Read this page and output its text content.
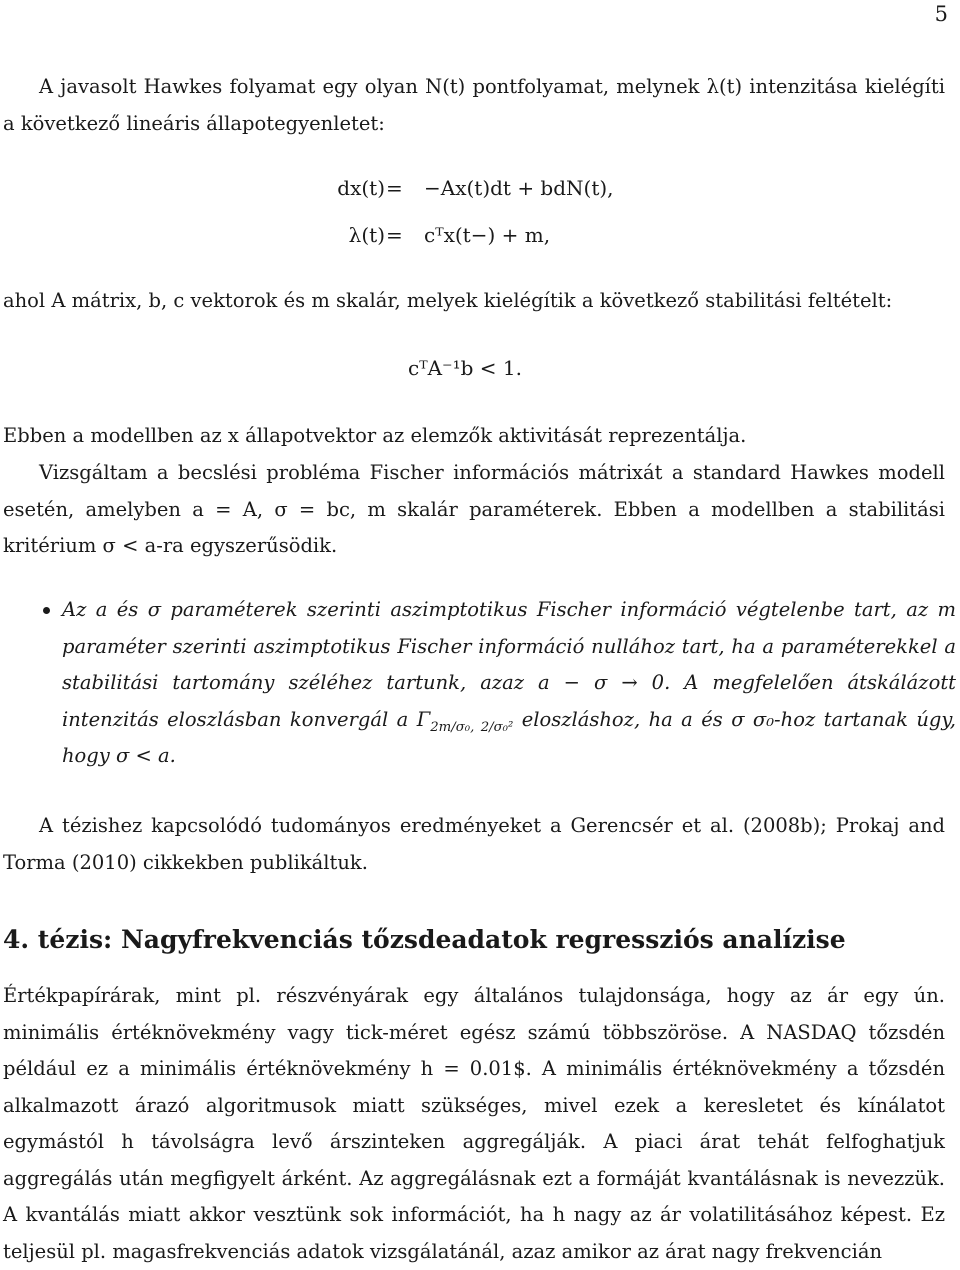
5
A javasolt Hawkes folyamat egy olyan N(t) pontfolyamat, melynek λ(t) intenzitása kielégíti a következő lineáris állapotegyenletet:
dx(t) = −Ax(t)dt + bdN(t),
λ(t) = cᵀx(t−) + m,
ahol A mátrix, b, c vektorok és m skalár, melyek kielégítik a következő stabilitási feltételt:
cᵀA⁻¹b < 1.
Ebben a modellben az x állapotvektor az elemzők aktivitását reprezentálja.
Vizsgáltam a becslési probléma Fischer információs mátrixát a standard Hawkes modell esetén, amelyben a = A, σ = bc, m skalár paraméterek. Ebben a modellben a stabilitási kritérium σ < a-ra egyszerűsödik.
Az a és σ paraméterek szerinti aszimptotikus Fischer információ végtelenbe tart, az m paraméter szerinti aszimptotikus Fischer információ nullához tart, ha a paraméterekkel a stabilitási tartomány széléhez tartunk, azaz a − σ → 0. A megfelelően átskálázott intenzitás eloszlásban konvergál a $\Gamma_{2m/\sigma_0, 2/\sigma_0^2}$ eloszláshoz, ha a és σ σ₀-hoz tartanak úgy, hogy σ < a.
A tézishez kapcsolódó tudományos eredményeket a Gerencsér et al. (2008b); Prokaj and Torma (2010) cikkekben publikáltuk.
4. tézis: Nagyfrekvenciás tőzsdeadatok regressziós analízise
Értékpapírárak, mint pl. részvényárak egy általános tulajdonsága, hogy az ár egy ún. minimális értéknövekmény vagy tick-méret egész számú többszöröse. A NASDAQ tőzsdén például ez a minimális értéknövekmény h = 0.01$. A minimális értéknövekmény a tőzsdén alkalmazott árazó algoritmusok miatt szükséges, mivel ezek a keresletet és kínálatot egymástól h távolságra levő árszinteken aggregálják. A piaci árat tehát felfoghatjuk aggregálás után megfigyelt árként. Az aggregálásnak ezt a formáját kvantálásnak is nevezzük. A kvantálás miatt akkor vesztünk sok információt, ha h nagy az ár volatilitásához képest. Ez teljesül pl. magasfrekvenciás adatok vizsgálatánál, azaz amikor az árat nagy frekvencián
